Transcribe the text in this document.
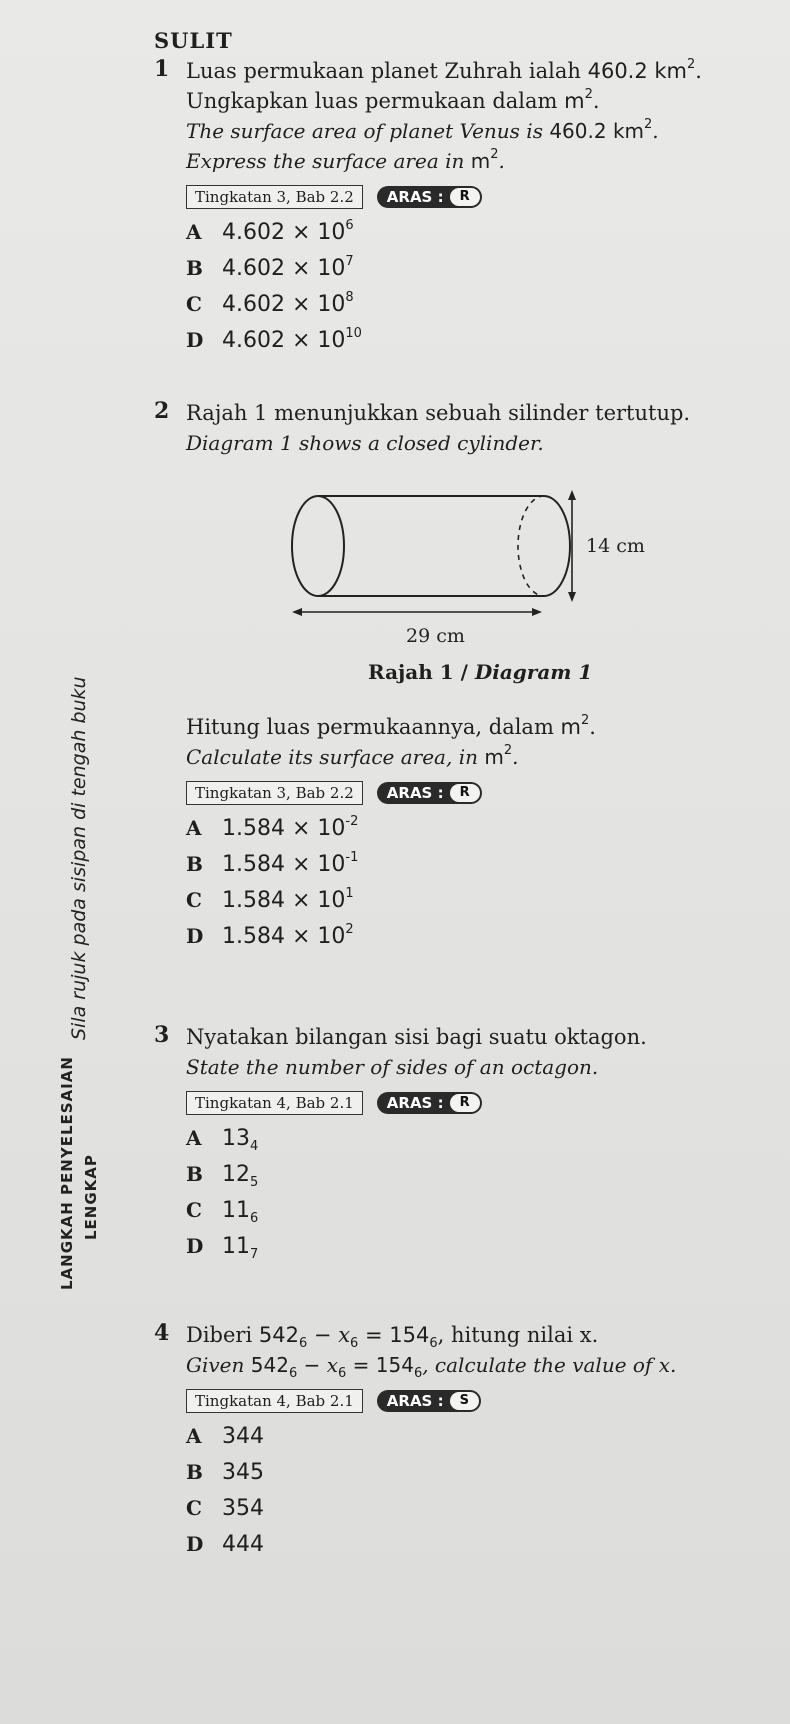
SULIT
Sila rujuk pada sisipan di tengah buku
LANGKAH PENYELESAIAN LENGKAP
1 Luas permukaan planet Zuhrah ialah 460.2 $km^2$.
Ungkapkan luas permukaan dalam $m^2$.
The surface area of planet Venus is 460.2 $km^2$.
Express the surface area in $m^2$.
Tingkatan 3, Bab 2.2	ARAS :	R
A $4.602 \times 10^6$
B $4.602 \times 10^7$
C $4.602 \times 10^8$
D $4.602 \times 10^{10}$
2 Rajah 1 menunjukkan sebuah silinder tertutup.
Diagram 1 shows a closed cylinder.
14 cm
29 cm
Rajah 1 / Diagram 1
Hitung luas permukaannya, dalam $m^2$.
Calculate its surface area, in $m^2$.
Tingkatan 3, Bab 2.2	ARAS :	R
A $1.584 \times 10^{-2}$
B $1.584 \times 10^{-1}$
C $1.584 \times 10^1$
D $1.584 \times 10^2$
3 Nyatakan bilangan sisi bagi suatu oktagon.
State the number of sides of an octagon.
Tingkatan 4, Bab 2.1	ARAS :	R
A $13_4$
B $12_5$
C $11_6$
D $11_7$
4 Diberi $542_6 - x_6 = 154_6$, hitung nilai x.
Given $542_6 - x_6 = 154_6$, calculate the value of x.
Tingkatan 4, Bab 2.1	ARAS :	S
A 344
B 345
C 354
D 444
